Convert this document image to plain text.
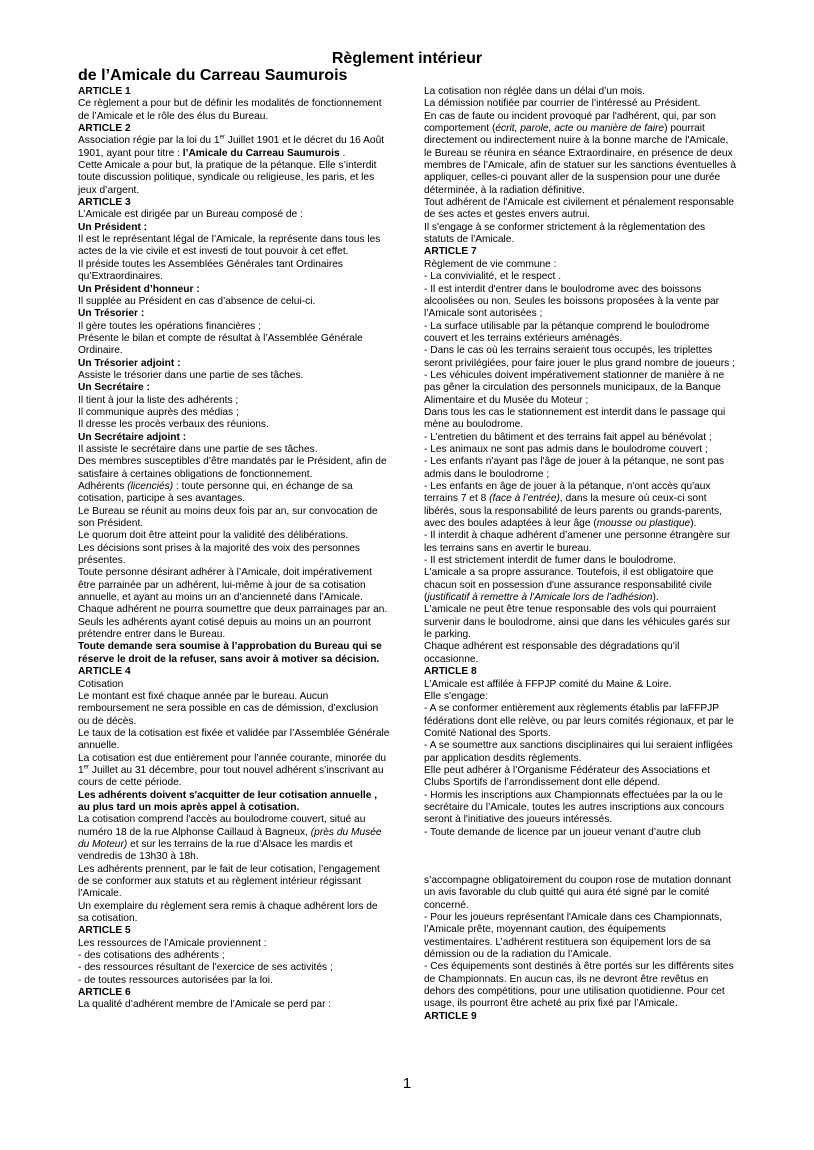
Règlement intérieur
de l’Amicale du Carreau Saumurois

ARTICLE 1

Ce règlement a pour but de définir les modalités de fonctionnement de l’Amicale et le rôle des élus du Bureau.

ARTICLE 2

Association régie par la loi du 1er Juillet 1901 et le décret du 16 Août 1901, ayant pour titre : l’Amicale du Carreau Saumurois .

Cette Amicale a pour but, la pratique de la pétanque. Elle s’interdit toute discussion politique, syndicale ou religieuse, les paris, et les jeux d’argent.

ARTICLE 3

L’Amicale est dirigée par un Bureau composé de :

Un Président :

Il est le représentant légal de l’Amicale, la représente dans tous les actes de la vie civile et est investi de tout pouvoir à cet effet.

Il préside toutes les Assemblées Générales tant Ordinaires qu’Extraordinaires.

Un Président d’honneur :

Il supplée au Président en cas d’absence de celui-ci.

Un Trésorier :

Il gère toutes les opérations financières ;

Présente le bilan et compte de résultat à l’Assemblée Générale Ordinaire.

Un Trésorier adjoint :

Assiste le trésorier dans une partie de ses tâches.

Un Secrétaire :

Il tient à jour la liste des adhérents ;

Il communique auprès des médias ;

Il dresse les procès verbaux des réunions.

Un Secrétaire adjoint :

Il assiste le secrétaire dans une partie de ses tâches.

Des membres susceptibles d’être mandatés par le Président, afin de satisfaire à certaines obligations de fonctionnement.

Adhérents (licenciés) : toute personne qui, en échange de sa cotisation, participe à ses avantages.

Le Bureau se réunit au moins deux fois par an, sur convocation de son Président.

Le quorum doit être atteint pour la validité des délibérations.

Les décisions sont prises à la majorité des voix des personnes présentes.

Toute personne désirant adhérer à l’Amicale, doit impérativement être parrainée par un adhérent, lui-même à jour de sa cotisation annuelle, et ayant au moins un an d’ancienneté dans l’Amicale.

Chaque adhérent ne pourra soumettre que deux parrainages par an.

Seuls les adhérents ayant cotisé depuis au moins un an pourront prétendre entrer dans le Bureau.

Toute demande sera soumise à l’approbation du Bureau qui se réserve le droit de la refuser, sans avoir à motiver sa décision.

ARTICLE 4

Cotisation

Le montant est fixé chaque année par le bureau. Aucun remboursement ne sera possible en cas de démission, d’exclusion ou de décès.

Le taux de la cotisation est fixée et validée par l’Assemblée Générale annuelle.

La cotisation est due entièrement pour l’année courante, minorée du 1er Juillet au 31 décembre, pour tout nouvel adhérent s’inscrivant au cours de cette période.

Les adhérents doivent s'acquitter de leur cotisation annuelle , au plus tard un mois après appel à cotisation.

La cotisation comprend l'accès au boulodrome couvert, situé au numéro 18 de la rue Alphonse Caillaud à Bagneux, (près du Musée du Moteur) et sur les terrains de la rue d’Alsace les mardis et vendredis de 13h30 à 18h.

Les adhérents prennent, par le fait de leur cotisation, l’engagement de se conformer aux statuts et au règlement intérieur régissant l’Amicale.

Un exemplaire du règlement sera remis à chaque adhérent lors de sa cotisation.

ARTICLE 5

Les ressources de l’Amicale proviennent :

- des cotisations des adhérents ;

- des ressources résultant de l’exercice de ses activités ;

- de toutes ressources autorisées par la loi.

ARTICLE 6

La qualité d’adhérent membre de l’Amicale se perd par :

La cotisation non réglée dans un délai d’un mois.

La démission notifiée par courrier de l’intéressé au Président.

En cas de faute ou incident provoqué par l'adhérent, qui, par son comportement (écrit, parole, acte ou manière de faire) pourrait directement ou indirectement nuire à la bonne marche de l'Amicale, le Bureau se réunira en séance Extraordinaire, en présence de deux membres de l’Amicale, afin de statuer sur les sanctions éventuelles à appliquer, celles-ci pouvant aller de la suspension pour une durée déterminée, à la radiation définitive.

Tout adhérent de l'Amicale est civilement et pénalement responsable de ses actes et gestes envers autrui.

Il s'engage à se conformer strictement à la règlementation des statuts de l'Amicale.

ARTICLE 7

Règlement de vie commune :

- La convivialité, et le respect .

- Il est interdit d'entrer dans le boulodrome avec des boissons alcoolisées ou non. Seules les boissons proposées à la vente par l’Amicale sont autorisées ;

- La surface utilisable par la pétanque comprend le boulodrome couvert et les terrains extérieurs aménagés.

- Dans le cas où les terrains seraient tous occupés, les triplettes seront privilégiées, pour faire jouer le plus grand nombre de joueurs ;

- Les véhicules doivent impérativement stationner de manière à ne pas gêner la circulation des personnels municipaux, de la Banque Alimentaire et du Musée du Moteur ;

Dans tous les cas le stationnement est interdit dans le passage qui mène au boulodrome.

- L’entretien du bâtiment et des terrains fait appel au bénévolat ;

- Les animaux ne sont pas admis dans le boulodrome couvert ;

- Les enfants n'ayant pas l'âge de jouer à la pétanque, ne sont pas admis dans le boulodrome ;

- Les enfants en âge de jouer à la pétanque, n'ont accès qu'aux terrains 7 et 8 (face à l’entrée), dans la mesure où ceux-ci sont libérés, sous la responsabilité de leurs parents ou grands-parents, avec des boules adaptées à leur âge (mousse ou plastique).

- Il interdit à chaque adhérent d’amener une personne étrangère sur les terrains sans en avertir le bureau.

- Il est strictement interdit de fumer dans le boulodrome.

L'amicale a sa propre assurance. Toutefois, il est obligatoire que chacun soit en possession d'une assurance responsabilité civile (justificatif à remettre à l'Amicale lors de l’adhésion).

L'amicale ne peut être tenue responsable des vols qui pourraient survenir dans le boulodrome, ainsi que dans les véhicules garés sur le parking.

Chaque adhérent est responsable des dégradations qu’il occasionne.

ARTICLE 8

L’Amicale est affilée à FFPJP comité du Maine & Loire.

Elle s’engage:

- A se conformer entièrement aux règlements établis par laFFPJP fédérations dont elle relève, ou par leurs comités régionaux, et par le Comité National des Sports.

- A se soumettre aux sanctions disciplinaires qui lui seraient infligées par application desdits règlements.

Elle peut adhérer à l’Organisme Fédérateur des Associations et Clubs Sportifs de l’arrondissement dont elle dépend.

- Hormis les inscriptions aux Championnats effectuées par la ou le secrétaire du l’Amicale, toutes les autres inscriptions aux concours seront à l'initiative des joueurs intéressés.

- Toute demande de licence par un joueur venant d’autre club

s’accompagne obligatoirement du coupon rose de mutation donnant un avis favorable du club quitté qui aura été signé par le comité concerné.

- Pour les joueurs représentant l'Amicale dans ces Championnats, l’Amicale prête, moyennant caution, des équipements vestimentaires. L’adhérent restituera son équipement lors de sa démission ou de la radiation du l’Amicale.

- Ces équipements sont destinés à être portés sur les différents sites de Championnats. En aucun cas, ils ne devront être revêtus en dehors des compétitions, pour une utilisation quotidienne. Pour cet usage, ils pourront être acheté au prix fixé par l’Amicale.

ARTICLE 9

1
